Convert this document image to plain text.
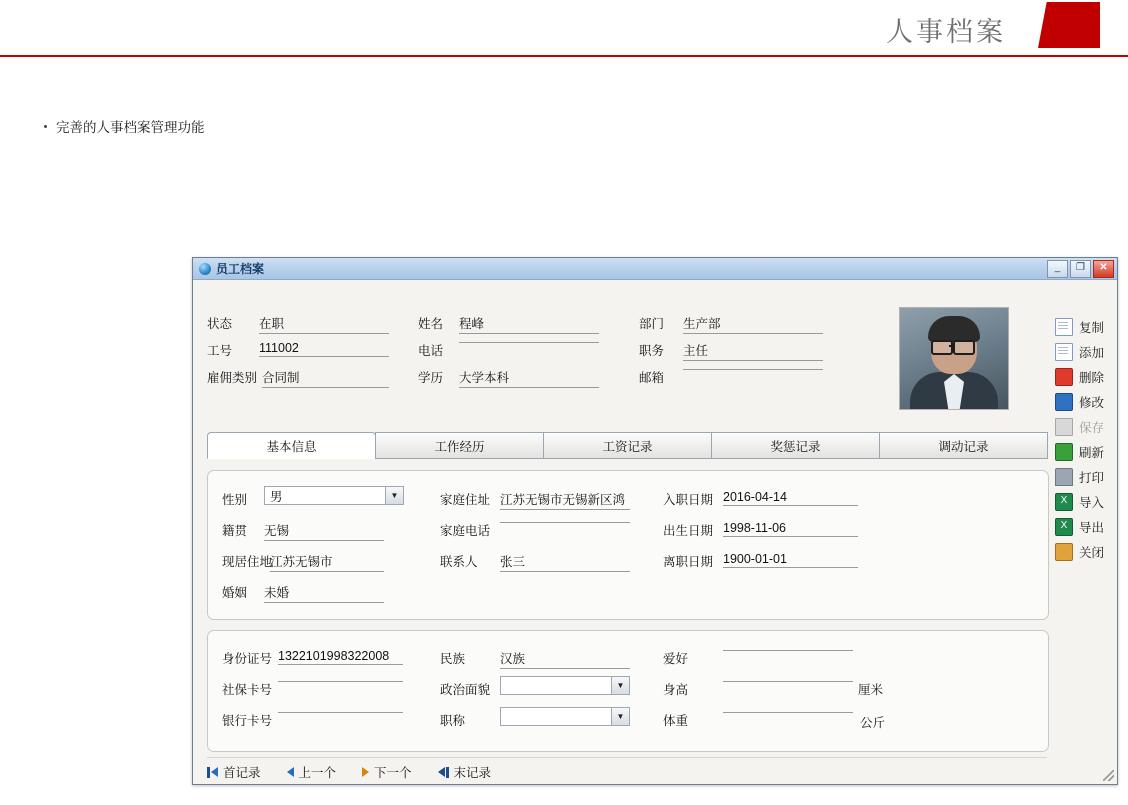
人事档案
完善的人事档案管理功能
员工档案	_	❐	✕
状态 在职
工号 111002
雇佣类别 合同制
姓名 程峰
电话
学历 大学本科
部门 生产部
职务 主任
邮箱
基本信息	工作经历	工资记录	奖惩记录	调动记录
性别	男	▼
籍贯 无锡
现居住地
江苏无锡市
婚姻 未婚
家庭住址 江苏无锡市无锡新区鸿
家庭电话
联系人 张三
入职日期 2016-04-14
出生日期 1998-11-06
离职日期 1900-01-01
身份证号 1322101998322008
社保卡号
银行卡号
民族	汉族
政治面貌	▼
职称	▼
爱好
身高	厘米
体重	公斤
首记录	上一个	下一个	末记录
复制
添加
删除
修改
保存
刷新
打印
X 导入
X 导出
关闭
